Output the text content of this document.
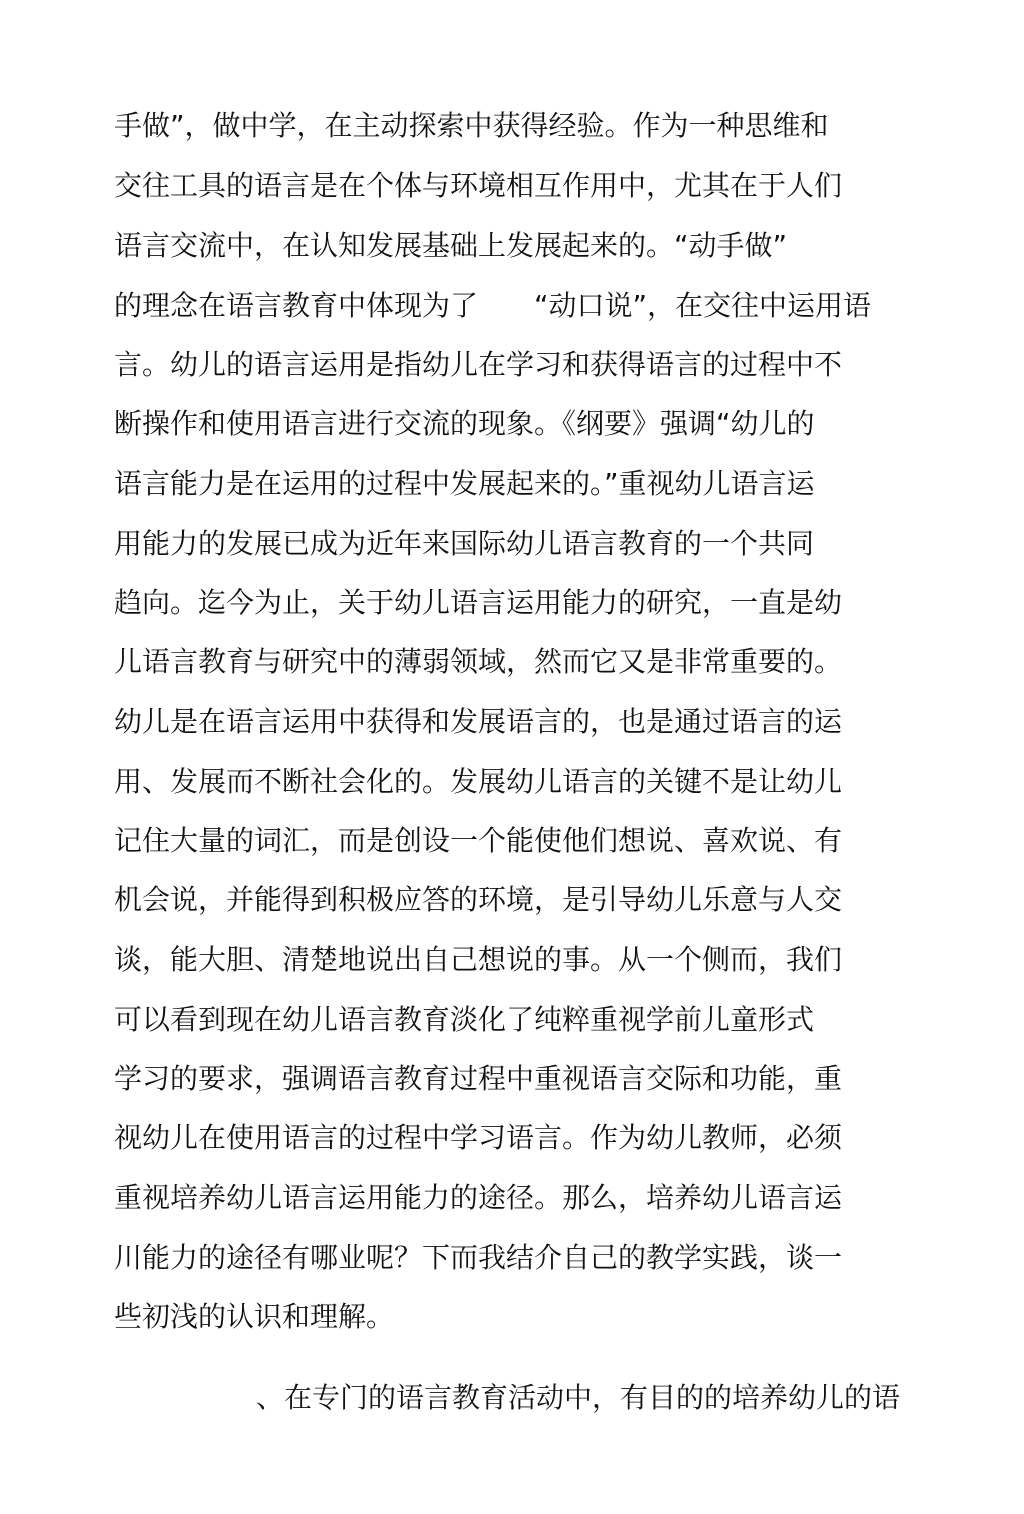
手做”，做中学，在主动探索中获得经验。作为一种思维和

交往工具的语言是在个体与环境相互作用中，尤其在于人们

语言交流中，在认知发展基础上发展起来的。“动手做”

的理念在语言教育中体现为了　　“动口说”，在交往中运用语

言。幼儿的语言运用是指幼儿在学习和获得语言的过程中不

断操作和使用语言进行交流的现象。《纲要》强调“幼儿的

语言能力是在运用的过程中发展起来的。”重视幼儿语言运

用能力的发展已成为近年来国际幼儿语言教育的一个共同

趋向。迄今为止，关于幼儿语言运用能力的研究，一直是幼

儿语言教育与研究中的薄弱领域，然而它又是非常重要的。

幼儿是在语言运用中获得和发展语言的，也是通过语言的运

用、发展而不断社会化的。发展幼儿语言的关键不是让幼儿

记住大量的词汇，而是创设一个能使他们想说、喜欢说、有

机会说，并能得到积极应答的环境，是引导幼儿乐意与人交

谈，能大胆、清楚地说出自己想说的事。从一个侧而，我们

可以看到现在幼儿语言教育淡化了纯粹重视学前儿童形式

学习的要求，强调语言教育过程中重视语言交际和功能，重

视幼儿在使用语言的过程中学习语言。作为幼儿教师，必须

重视培养幼儿语言运用能力的途径。那么，培养幼儿语言运

川能力的途径有哪业呢？下而我结介自己的教学实践，谈一

些初浅的认识和理解。

、在专门的语言教育活动中，有目的的培养幼儿的语
